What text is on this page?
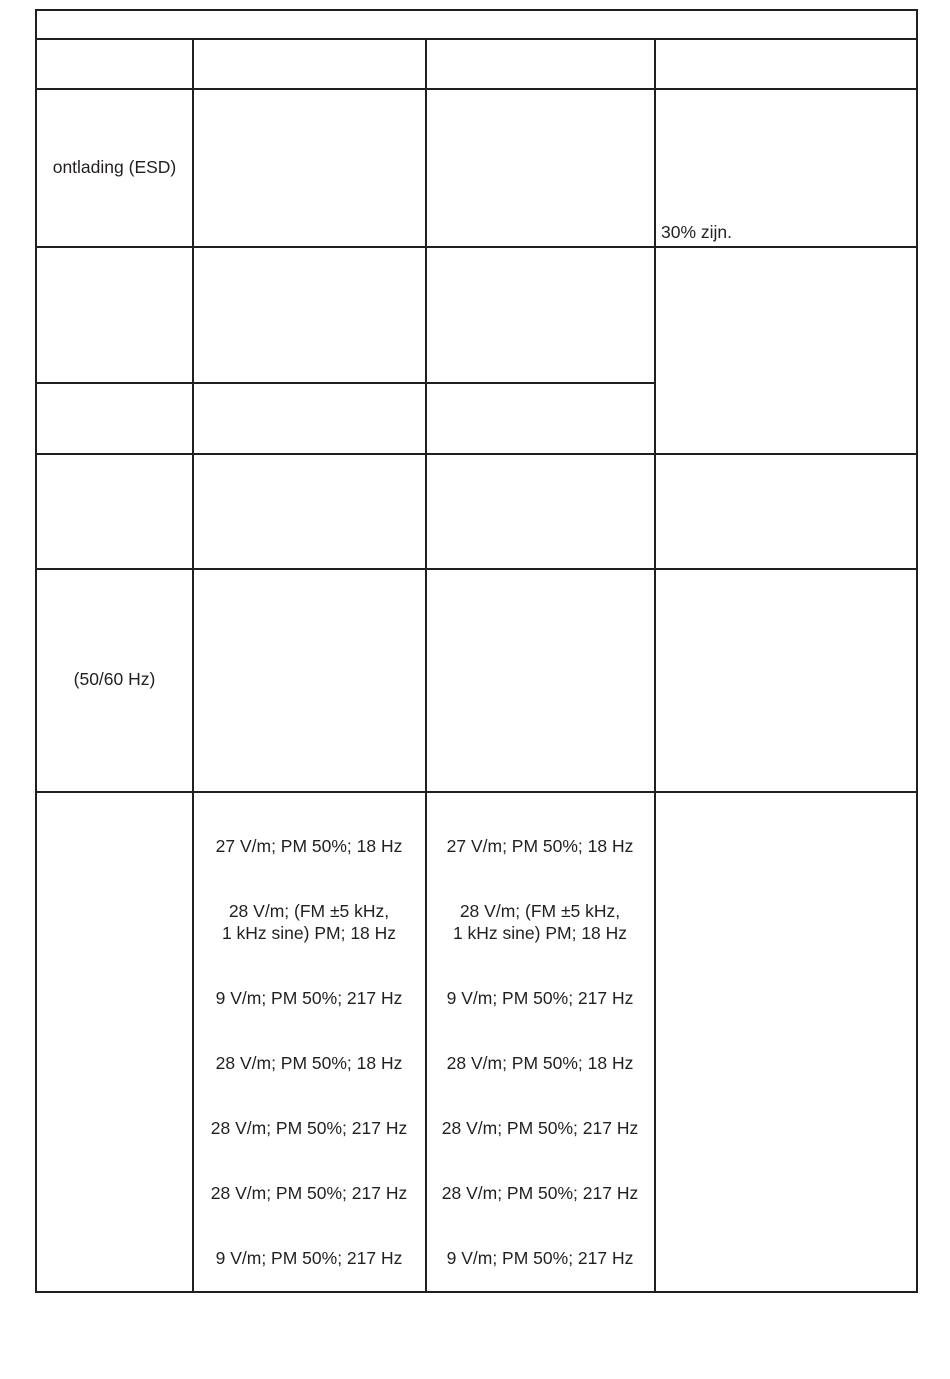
ontlading (ESD)
30% zijn.
(50/60 Hz)
27 V/m; PM 50%; 18 Hz
28 V/m; (FM ±5 kHz,
1 kHz sine) PM; 18 Hz
9 V/m; PM 50%; 217 Hz
28 V/m; PM 50%; 18 Hz
28 V/m; PM 50%; 217 Hz
28 V/m; PM 50%; 217 Hz
9 V/m; PM 50%; 217 Hz
27 V/m; PM 50%; 18 Hz
28 V/m; (FM ±5 kHz,
1 kHz sine) PM; 18 Hz
9 V/m; PM 50%; 217 Hz
28 V/m; PM 50%; 18 Hz
28 V/m; PM 50%; 217 Hz
28 V/m; PM 50%; 217 Hz
9 V/m; PM 50%; 217 Hz
